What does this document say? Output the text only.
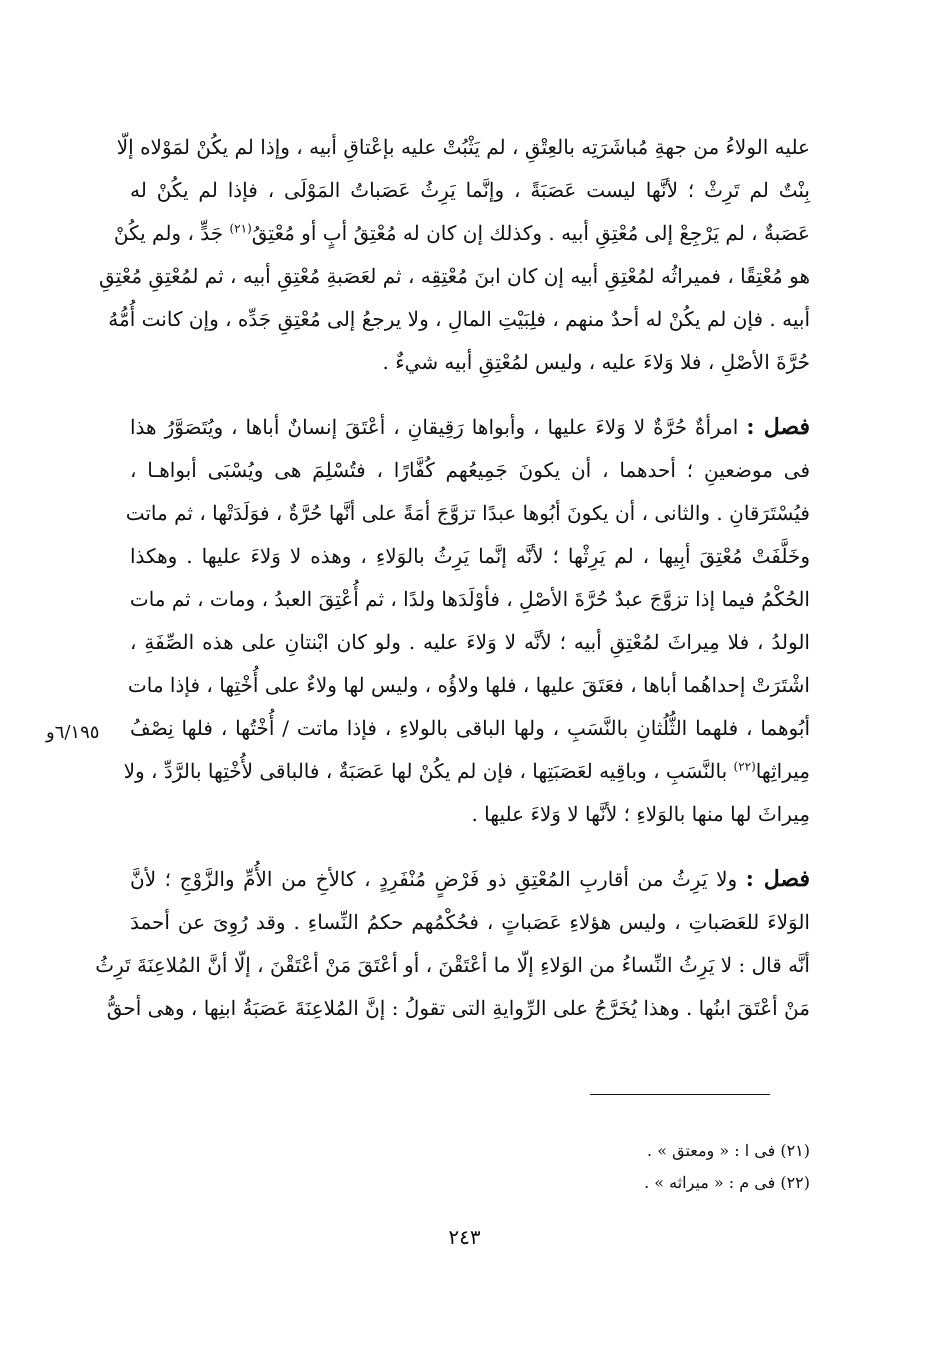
عليه الولاءُ من جهةِ مُباشَرَتِه بالعِتْقِ ، لم يَثْبُتْ عليه بإعْتاقِ أبيه ، وإذا لم يكُنْ لمَوْلاه إلّا
بِنْتٌ لم تَرِثْ ؛ لأنَّها ليست عَصَبَةً ، وإنَّما يَرِثُ عَصَباتُ المَوْلَى ، فإذا لم يكُنْ له
عَصَبةٌ ، لم يَرْجِعْ إلى مُعْتِقِ أبيه . وكذلك إن كان له مُعْتِقُ أبٍ أو مُعْتِقُ$^{(٢١)}$ جَدٍّ ، ولم يكُنْ
هو مُعْتِقًا ، فميراثُه لمُعْتِقِ أبيه إن كان ابنَ مُعْتِقِه ، ثم لعَصَبةِ مُعْتِقِ أبيه ، ثم لمُعْتِقِ مُعْتِقِ
أبيه . فإن لم يكُنْ له أحدٌ منهم ، فلِبَيْتِ المالِ ، ولا يرجعُ إلى مُعْتِقِ جَدِّه ، وإن كانت أُمُّهُ
حُرَّةَ الأصْلِ ، فلا وَلاءَ عليه ، وليس لمُعْتِقِ أبيه شيءٌ .
فصل : امرأةٌ حُرَّةٌ لا وَلاءَ عليها ، وأبواها رَقِيقانِ ، أعْتَقَ إنسانٌ أباها ، ويُتَصَوَّرُ هذا
فى موضعينِ ؛ أحدهما ، أن يكونَ جَمِيعُهم كُفَّارًا ، فتُسْلِمَ هى ويُسْبَى أبواهـا ،
فيُسْتَرَقانِ . والثانى ، أن يكونَ أبُوها عبدًا تزوَّجَ أمَةً على أنَّها حُرَّةٌ ، فوَلَدَتْها ، ثم ماتت
وخَلَّفَتْ مُعْتِقَ أبِيها ، لم يَرِثْها ؛ لأنَّه إنَّما يَرِثُ بالوَلاءِ ، وهذه لا وَلاءَ عليها . وهكذا
الحُكْمُ فيما إذا تزوَّجَ عبدٌ حُرَّةَ الأصْلِ ، فأوْلَدَها ولدًا ، ثم أُعْتِقَ العبدُ ، ومات ، ثم مات
الولدُ ، فلا مِيراثَ لمُعْتِقِ أبيه ؛ لأنَّه لا وَلاءَ عليه . ولو كان ابْنتانِ على هذه الصِّفَةِ ،
اشْتَرَتْ إحداهُما أباها ، فعَتَقَ عليها ، فلها ولاؤُه ، وليس لها ولاءٌ على أُخْتِها ، فإذا مات
أبُوهما ، فلهما الثُّلُثانِ بالنَّسَبِ ، ولها الباقى بالولاءِ ، فإذا ماتت / أُخْتُها ، فلها نِصْفُ
مِيراثِها$^{(٢٢)}$ بالنَّسَبِ ، وباقِيه لعَصَبَتِها ، فإن لم يكُنْ لها عَصَبَةٌ ، فالباقى لأُخْتِها بالرَّدِّ ، ولا
مِيراثَ لها منها بالوَلاءِ ؛ لأنَّها لا وَلاءَ عليها .
٦/١٩٥و
فصل : ولا يَرِثُ من أقاربِ المُعْتِقِ ذو فَرْضٍ مُنْفَرِدٍ ، كالأخِ من الأُمِّ والزَّوْجِ ؛ لأنَّ
الوَلاءَ للعَصَباتِ ، وليس هؤلاءِ عَصَباتٍ ، فحُكْمُهم حكمُ النِّساءِ . وقد رُوِىَ عن أحمدَ
أنَّه قال : لا يَرِثُ النِّساءُ من الوَلاءِ إلّا ما أعْتَقْنَ ، أو أعْتَقَ مَنْ أعْتَقْنَ ، إلّا أنَّ المُلاعِنَةَ تَرِثُ
مَنْ أعْتَقَ ابنُها . وهذا يُخَرَّجُ على الرِّوايةِ التى تقولُ : إنَّ المُلاعِنَةَ عَصَبَةُ ابنِها ، وهى أحقُّ
(٢١) فى ا : « ومعتق » .
(٢٢) فى م : « ميراثه » .
٢٤٣
